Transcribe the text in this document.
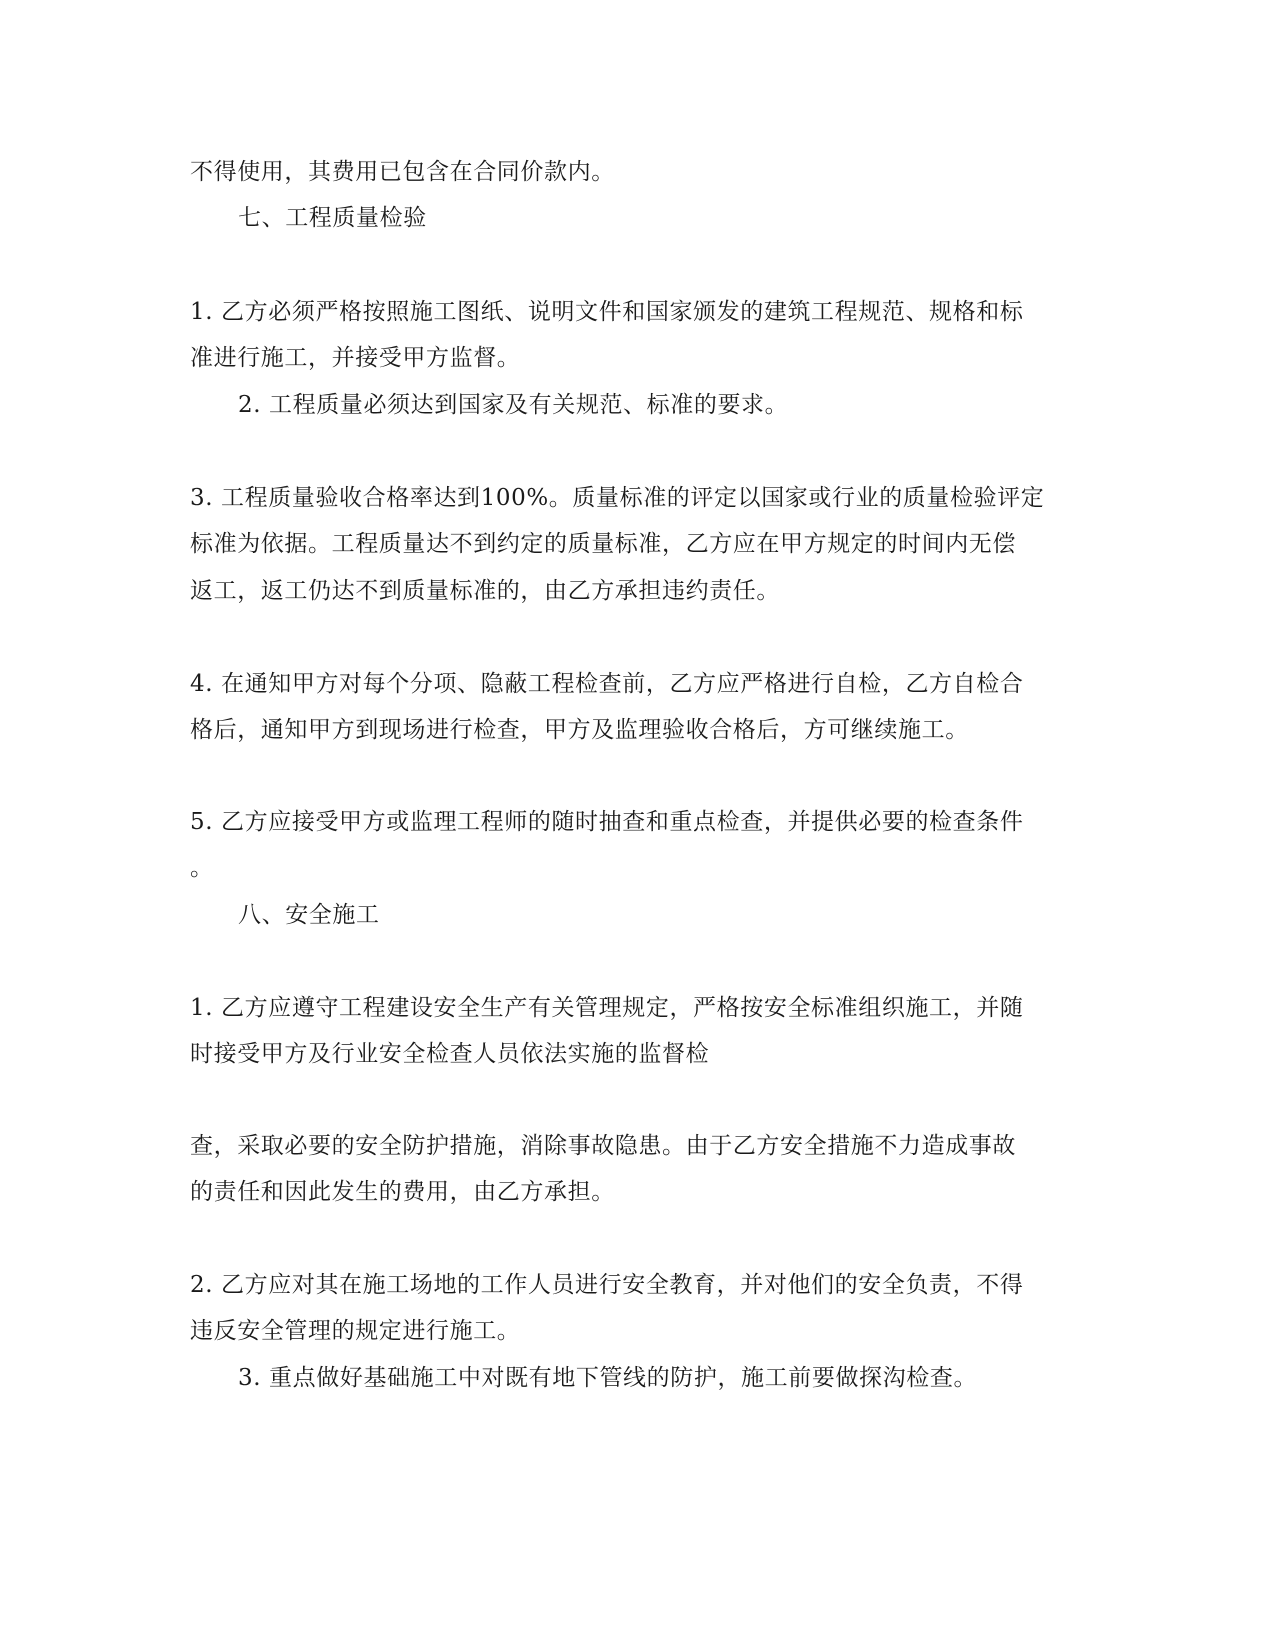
不得使用，其费用已包含在合同价款内。
七、工程质量检验
1. 乙方必须严格按照施工图纸、说明文件和国家颁发的建筑工程规范、规格和标
准进行施工，并接受甲方监督。
2. 工程质量必须达到国家及有关规范、标准的要求。
3. 工程质量验收合格率达到100%。质量标准的评定以国家或行业的质量检验评定
标准为依据。工程质量达不到约定的质量标准，乙方应在甲方规定的时间内无偿
返工，返工仍达不到质量标准的，由乙方承担违约责任。
4. 在通知甲方对每个分项、隐蔽工程检查前，乙方应严格进行自检，乙方自检合
格后，通知甲方到现场进行检查，甲方及监理验收合格后，方可继续施工。
5. 乙方应接受甲方或监理工程师的随时抽查和重点检查，并提供必要的检查条件
。
八、安全施工
1. 乙方应遵守工程建设安全生产有关管理规定，严格按安全标准组织施工，并随
时接受甲方及行业安全检查人员依法实施的监督检
查，采取必要的安全防护措施，消除事故隐患。由于乙方安全措施不力造成事故
的责任和因此发生的费用，由乙方承担。
2. 乙方应对其在施工场地的工作人员进行安全教育，并对他们的安全负责，不得
违反安全管理的规定进行施工。
3. 重点做好基础施工中对既有地下管线的防护，施工前要做探沟检查。
